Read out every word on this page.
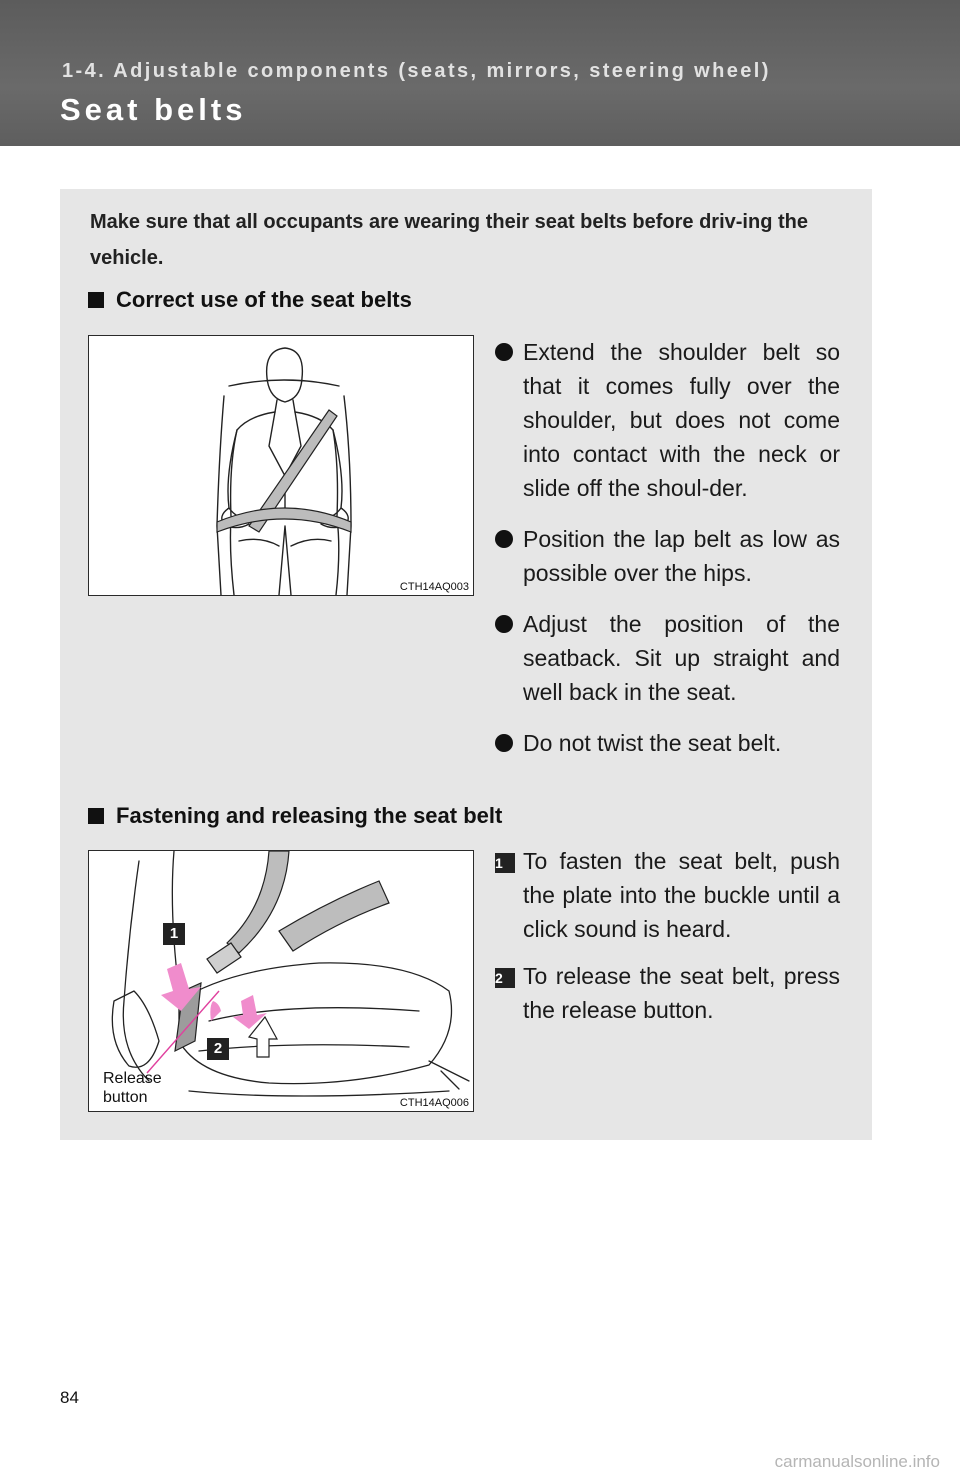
1-4. Adjustable components (seats, mirrors, steering wheel)
Seat belts
Make sure that all occupants are wearing their seat belts before driv-ing the vehicle.
Correct use of the seat belts
CTH14AQ003
Extend the shoulder belt so that it comes fully over the shoulder, but does not come into contact with the neck or slide off the shoul-der.
Position the lap belt as low as possible over the hips.
Adjust the position of the seatback. Sit up straight and well back in the seat.
Do not twist the seat belt.
Fastening and releasing the seat belt
1
2
Release
button	CTH14AQ006
1 To fasten the seat belt, push the plate into the buckle until a click sound is heard.
2 To release the seat belt, press the release button.
84
carmanualsonline.info
